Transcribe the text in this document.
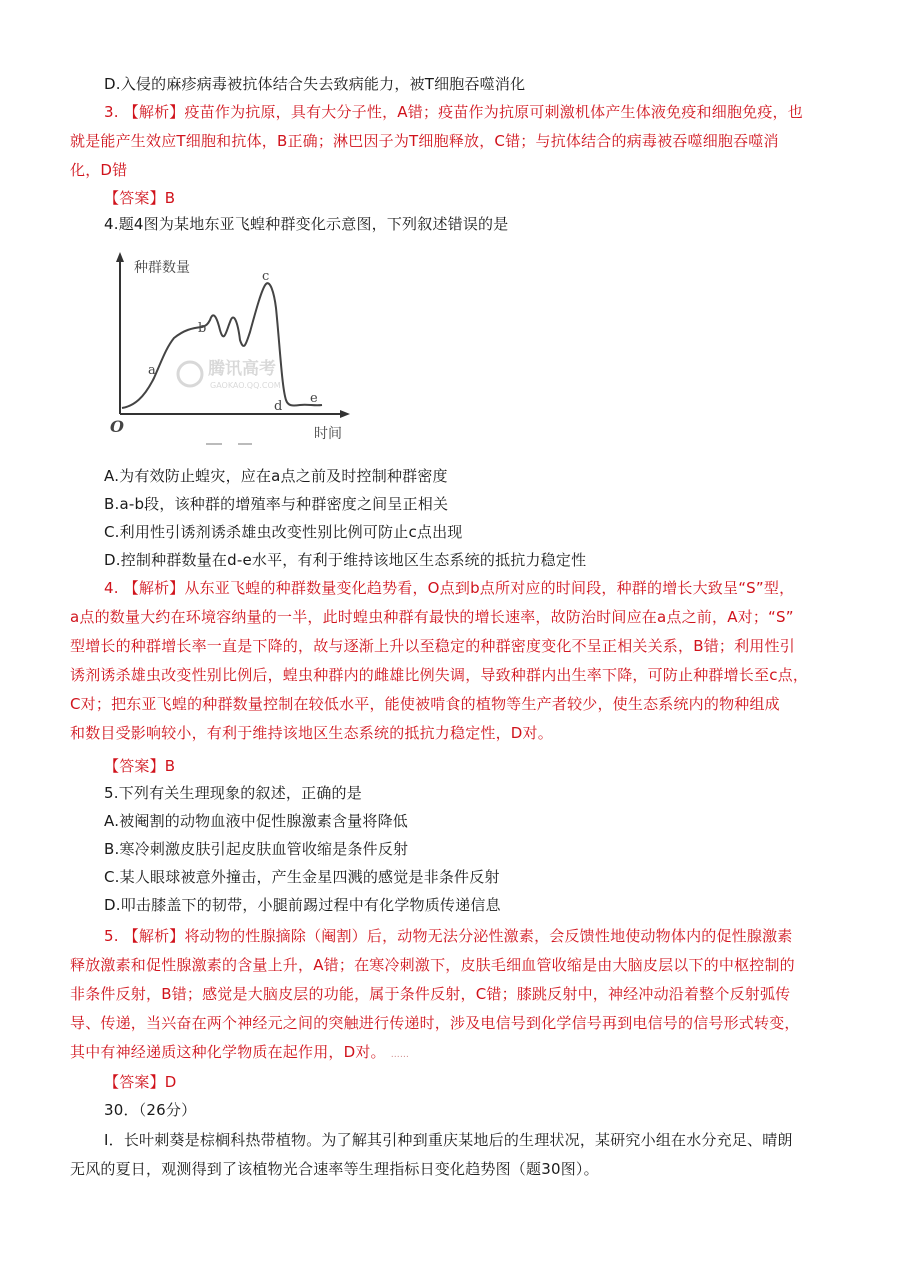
D.入侵的麻疹病毒被抗体结合失去致病能力，被T细胞吞噬消化
3. 【解析】疫苗作为抗原，具有大分子性，A错；疫苗作为抗原可刺激机体产生体液免疫和细胞免疫，也
就是能产生效应T细胞和抗体，B正确；淋巴因子为T细胞释放，C错；与抗体结合的病毒被吞噬细胞吞噬消
化，D错
【答案】B
4.题4图为某地东亚飞蝗种群变化示意图，下列叙述错误的是
种群数量
时间
O
a
b
c
d
e
腾讯高考
GAOKAO.QQ.COM
A.为有效防止蝗灾，应在a点之前及时控制种群密度
B.a-b段，该种群的增殖率与种群密度之间呈正相关
C.利用性引诱剂诱杀雄虫改变性别比例可防止c点出现
D.控制种群数量在d-e水平，有利于维持该地区生态系统的抵抗力稳定性
4. 【解析】从东亚飞蝗的种群数量变化趋势看，O点到b点所对应的时间段，种群的增长大致呈“S”型，
a点的数量大约在环境容纳量的一半，此时蝗虫种群有最快的增长速率，故防治时间应在a点之前，A对；“S”
型增长的种群增长率一直是下降的，故与逐渐上升以至稳定的种群密度变化不呈正相关关系，B错；利用性引
诱剂诱杀雄虫改变性别比例后，蝗虫种群内的雌雄比例失调，导致种群内出生率下降，可防止种群增长至c点，
C对；把东亚飞蝗的种群数量控制在较低水平，能使被啃食的植物等生产者较少，使生态系统内的物种组成
和数目受影响较小，有利于维持该地区生态系统的抵抗力稳定性，D对。
【答案】B
5.下列有关生理现象的叙述，正确的是
A.被阉割的动物血液中促性腺激素含量将降低
B.寒冷刺激皮肤引起皮肤血管收缩是条件反射
C.某人眼球被意外撞击，产生金星四溅的感觉是非条件反射
D.叩击膝盖下的韧带，小腿前踢过程中有化学物质传递信息
5. 【解析】将动物的性腺摘除（阉割）后，动物无法分泌性激素，会反馈性地使动物体内的促性腺激素
释放激素和促性腺激素的含量上升，A错；在寒冷刺激下，皮肤毛细血管收缩是由大脑皮层以下的中枢控制的
非条件反射，B错；感觉是大脑皮层的功能，属于条件反射，C错；膝跳反射中，神经冲动沿着整个反射弧传
导、传递，当兴奋在两个神经元之间的突触进行传递时，涉及电信号到化学信号再到电信号的信号形式转变，
其中有神经递质这种化学物质在起作用，D对。 ……
【答案】D
30．（26分）
I．长叶刺葵是棕榈科热带植物。为了解其引种到重庆某地后的生理状况，某研究小组在水分充足、晴朗
无风的夏日，观测得到了该植物光合速率等生理指标日变化趋势图（题30图）。
